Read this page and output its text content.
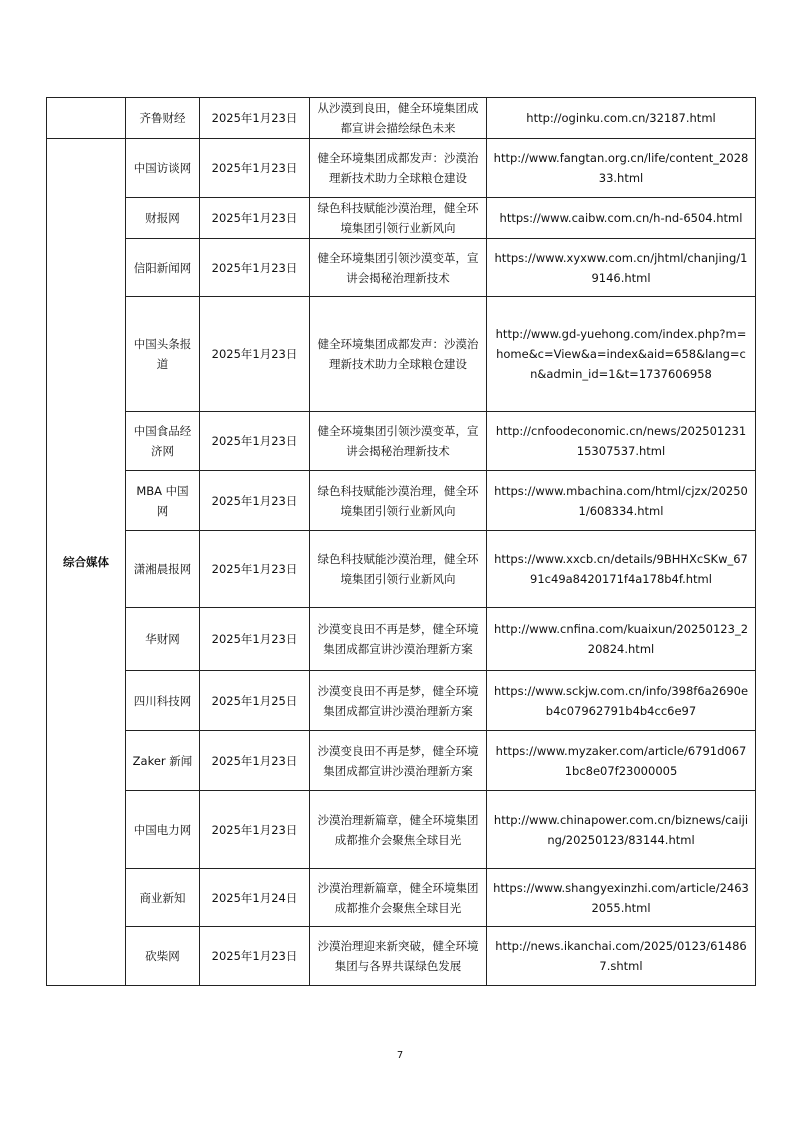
	齐鲁财经	2025年1月23日	从沙漠到良田，健全环境集团成都宣讲会描绘绿色未来	http://oginku.com.cn/32187.html
综合媒体	中国访谈网	2025年1月23日	健全环境集团成都发声：沙漠治理新技术助力全球粮仓建设	http://www.fangtan.org.cn/life/content_202833.html
	财报网	2025年1月23日	绿色科技赋能沙漠治理，健全环境集团引领行业新风向	https://www.caibw.com.cn/h-nd-6504.html
	信阳新闻网	2025年1月23日	健全环境集团引领沙漠变革，宣讲会揭秘治理新技术	https://www.xyxww.com.cn/jhtml/chanjing/19146.html
	中国头条报道	2025年1月23日	健全环境集团成都发声：沙漠治理新技术助力全球粮仓建设	http://www.gd-yuehong.com/index.php?m=home&c=View&a=index&aid=658&lang=cn&admin_id=1&t=1737606958
	中国食品经济网	2025年1月23日	健全环境集团引领沙漠变革，宣讲会揭秘治理新技术	http://cnfoodeconomic.cn/news/20250123115307537.html
	MBA 中国网	2025年1月23日	绿色科技赋能沙漠治理，健全环境集团引领行业新风向	https://www.mbachina.com/html/cjzx/202501/608334.html
	潇湘晨报网	2025年1月23日	绿色科技赋能沙漠治理，健全环境集团引领行业新风向	https://www.xxcb.cn/details/9BHHXcSKw_6791c49a8420171f4a178b4f.html
	华财网	2025年1月23日	沙漠变良田不再是梦，健全环境集团成都宣讲沙漠治理新方案	http://www.cnfina.com/kuaixun/20250123_220824.html
	四川科技网	2025年1月25日	沙漠变良田不再是梦，健全环境集团成都宣讲沙漠治理新方案	https://www.sckjw.com.cn/info/398f6a2690eb4c07962791b4b4cc6e97
	Zaker 新闻	2025年1月23日	沙漠变良田不再是梦，健全环境集团成都宣讲沙漠治理新方案	https://www.myzaker.com/article/6791d0671bc8e07f23000005
	中国电力网	2025年1月23日	沙漠治理新篇章，健全环境集团成都推介会聚焦全球目光	http://www.chinapower.com.cn/biznews/caijing/20250123/83144.html
	商业新知	2025年1月24日	沙漠治理新篇章，健全环境集团成都推介会聚焦全球目光	https://www.shangyexinzhi.com/article/24632055.html
	砍柴网	2025年1月23日	沙漠治理迎来新突破，健全环境集团与各界共谋绿色发展	http://news.ikanchai.com/2025/0123/614867.shtml
7
